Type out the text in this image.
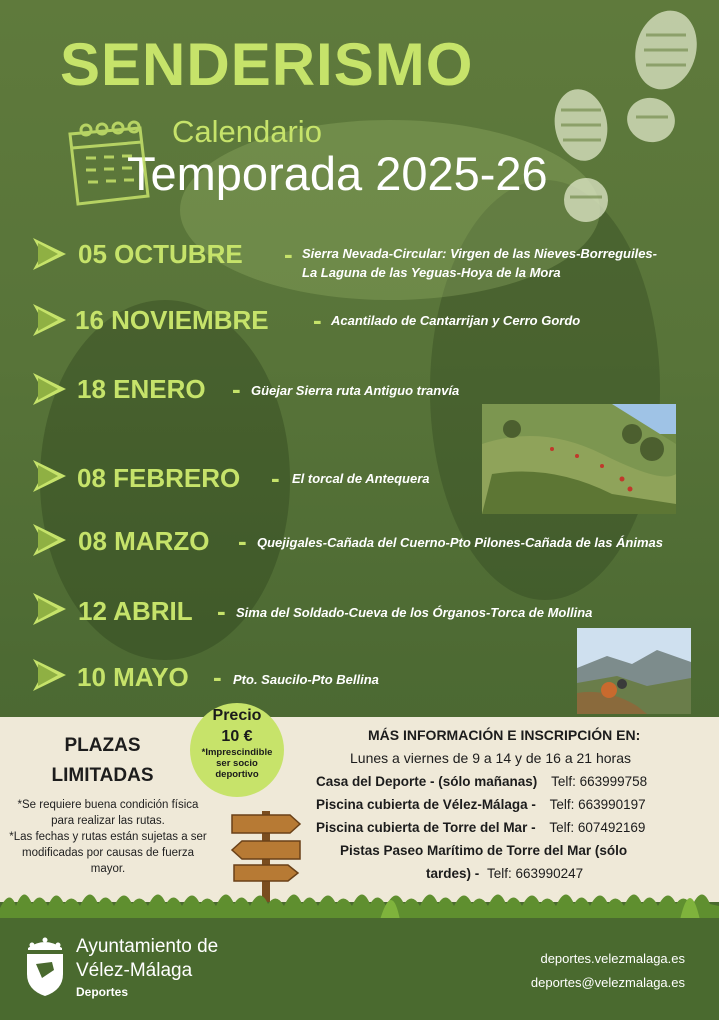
SENDERISMO
Calendario
Temporada 2025-26
05 OCTUBRE - Sierra Nevada-Circular: Virgen de las Nieves-Borreguiles-
La Laguna de las Yeguas-Hoya de la Mora
16 NOVIEMBRE - Acantilado de Cantarrijan y Cerro Gordo
18 ENERO - Güejar Sierra ruta Antiguo tranvía
08 FEBRERO - El torcal de Antequera
08 MARZO - Quejigales-Cañada del Cuerno-Pto Pilones-Cañada de las Ánimas
12 ABRIL - Sima del Soldado-Cueva de los Órganos-Torca de Mollina
10 MAYO - Pto. Saucilo-Pto Bellina
PLAZAS
LIMITADAS
*Se requiere buena condición física para realizar las rutas.
*Las fechas y rutas están sujetas a ser modificadas por causas de fuerza mayor.
Precio
10 €
*Imprescindible ser socio deportivo
MÁS INFORMACIÓN E INSCRIPCIÓN EN:
Lunes a viernes de 9 a 14 y de 16 a 21 horas
Casa del Deporte - (sólo mañanas) Telf: 663999758
Piscina cubierta de Vélez-Málaga - Telf: 663990197
Piscina cubierta de Torre del Mar - Telf: 607492169
Pistas Paseo Marítimo de Torre del Mar (sólo
tardes) - Telf: 663990247
Ayuntamiento de
Vélez-Málaga
Deportes
deportes.velezmalaga.es
deportes@velezmalaga.es
